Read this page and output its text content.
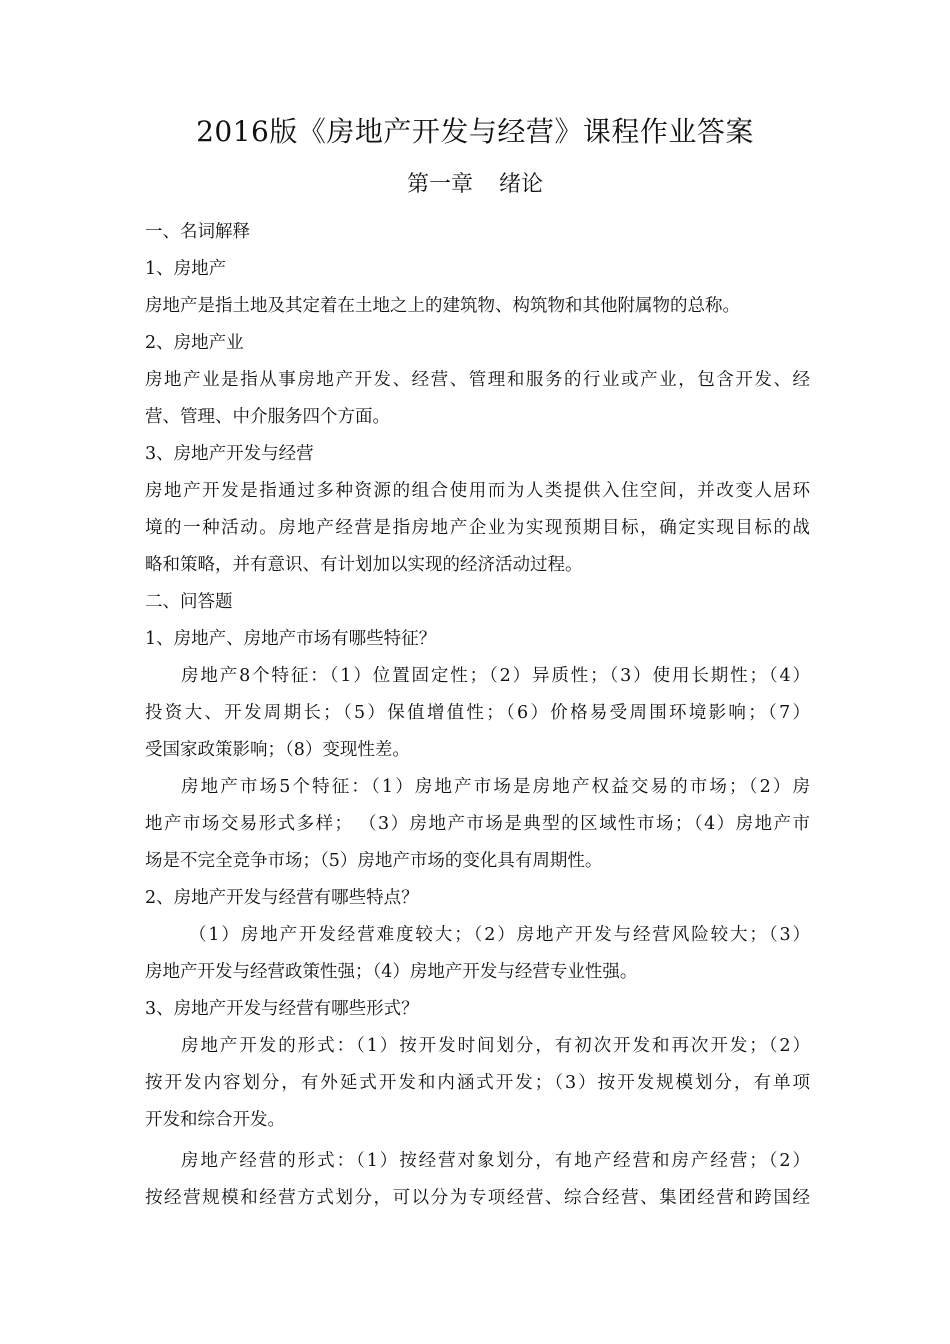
2016版《房地产开发与经营》课程作业答案
第一章 绪论
一、名词解释
1、房地产
房地产是指土地及其定着在土地之上的建筑物、构筑物和其他附属物的总称。
2、房地产业
房地产业是指从事房地产开发、经营、管理和服务的行业或产业，包含开发、经
营、管理、中介服务四个方面。
3、房地产开发与经营
房地产开发是指通过多种资源的组合使用而为人类提供入住空间，并改变人居环
境的一种活动。房地产经营是指房地产企业为实现预期目标，确定实现目标的战
略和策略，并有意识、有计划加以实现的经济活动过程。
二、问答题
1、房地产、房地产市场有哪些特征？
房地产8个特征：（1）位置固定性；（2）异质性；（3）使用长期性；（4）
投资大、开发周期长；（5）保值增值性；（6）价格易受周围环境影响；（7）
受国家政策影响；（8）变现性差。
房地产市场5个特征：（1）房地产市场是房地产权益交易的市场；（2）房
地产市场交易形式多样； （3）房地产市场是典型的区域性市场；（4）房地产市
场是不完全竞争市场；（5）房地产市场的变化具有周期性。
2、房地产开发与经营有哪些特点？
（1）房地产开发经营难度较大；（2）房地产开发与经营风险较大；（3）
房地产开发与经营政策性强；（4）房地产开发与经营专业性强。
3、房地产开发与经营有哪些形式？
房地产开发的形式：（1）按开发时间划分，有初次开发和再次开发；（2）
按开发内容划分，有外延式开发和内涵式开发；（3）按开发规模划分，有单项
开发和综合开发。
房地产经营的形式：（1）按经营对象划分，有地产经营和房产经营；（2）
按经营规模和经营方式划分，可以分为专项经营、综合经营、集团经营和跨国经
